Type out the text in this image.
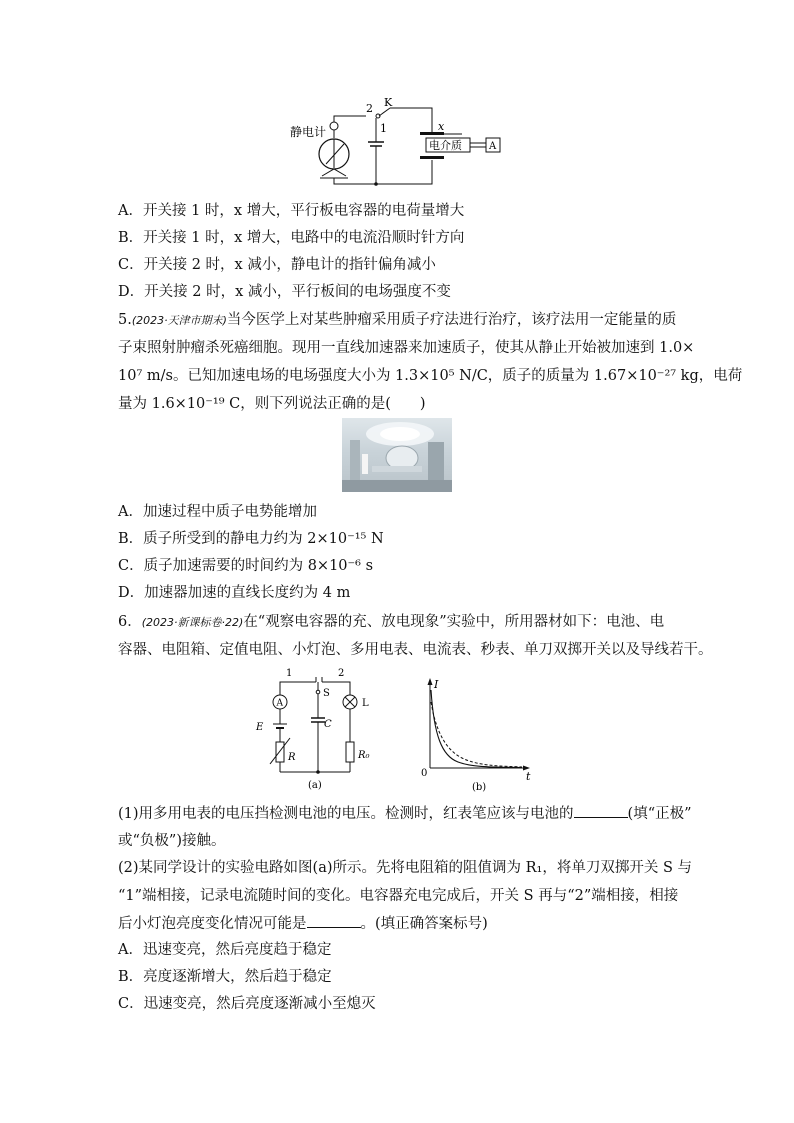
静电计
2 K
1	x
电介质	A
A．开关接 1 时，x 增大，平行板电容器的电荷量增大
B．开关接 1 时，x 增大，电路中的电流沿顺时针方向
C．开关接 2 时，x 减小，静电计的指针偏角减小
D．开关接 2 时，x 减小，平行板间的电场强度不变
5.(2023·天津市期末)当今医学上对某些肿瘤采用质子疗法进行治疗，该疗法用一定能量的质
子束照射肿瘤杀死癌细胞。现用一直线加速器来加速质子，使其从静止开始被加速到 1.0×
10⁷ m/s。已知加速电场的电场强度大小为 1.3×10⁵ N/C，质子的质量为 1.67×10⁻²⁷ kg，电荷
量为 1.6×10⁻¹⁹ C，则下列说法正确的是(　　)
A．加速过程中质子电势能增加
B．质子所受到的静电力约为 2×10⁻¹⁵ N
C．质子加速需要的时间约为 8×10⁻⁶ s
D．加速器加速的直线长度约为 4 m
6．(2023·新课标卷·22)在“观察电容器的充、放电现象”实验中，所用器材如下：电池、电
容器、电阻箱、定值电阻、小灯泡、多用电表、电流表、秒表、单刀双掷开关以及导线若干。
1	2
S
C
A
E
R
L
R₀
(a)
I
t
0
(b)
(1)用多用电表的电压挡检测电池的电压。检测时，红表笔应该与电池的	(填“正极”
或“负极”)接触。
(2)某同学设计的实验电路如图(a)所示。先将电阻箱的阻值调为 R₁，将单刀双掷开关 S 与
“1”端相接，记录电流随时间的变化。电容器充电完成后，开关 S 再与“2”端相接，相接
后小灯泡亮度变化情况可能是	。(填正确答案标号)
A．迅速变亮，然后亮度趋于稳定
B．亮度逐渐增大，然后趋于稳定
C．迅速变亮，然后亮度逐渐减小至熄灭
